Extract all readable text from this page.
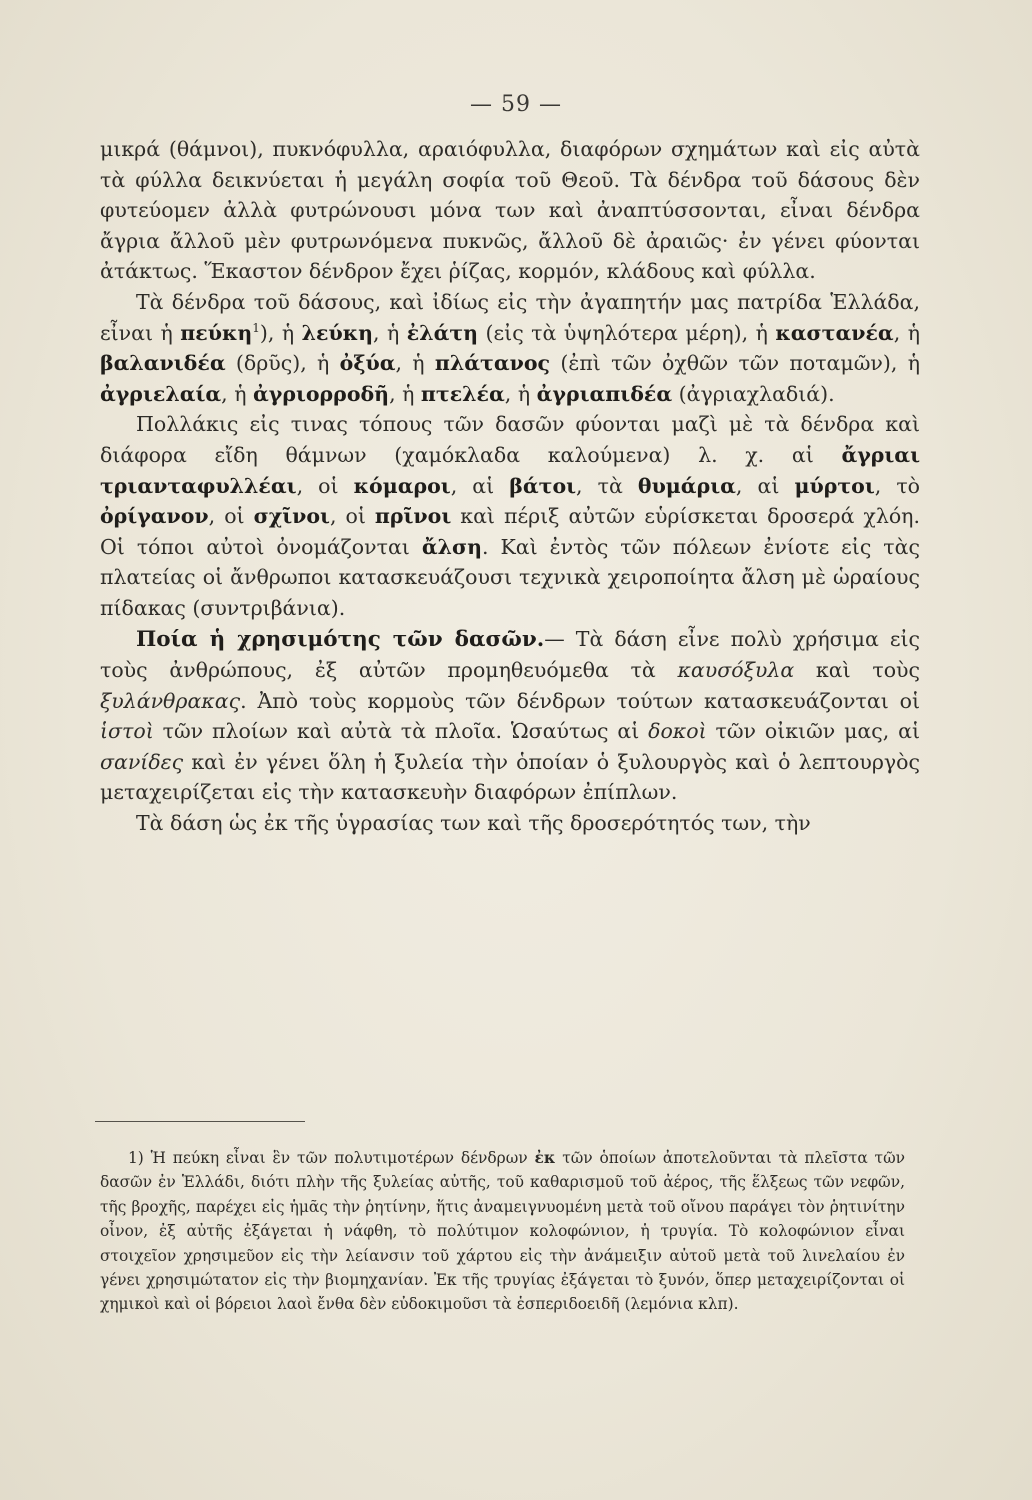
— 59 —

μικρά (θάμνοι), πυκνόφυλλα, αραιόφυλλα, διαφόρων σχημάτων καὶ εἰς αὐτὰ τὰ φύλλα δεικνύεται ἡ μεγάλη σοφία τοῦ Θεοῦ. Τὰ δένδρα τοῦ δάσους δὲν φυτεύομεν ἀλλὰ φυτρώνουσι μόνα των καὶ ἀναπτύσσονται, εἶναι δένδρα ἄγρια ἄλλοῦ μὲν φυτρωνόμενα πυκνῶς, ἄλλοῦ δὲ ἀραιῶς· ἐν γένει φύονται ἀτάκτως. Ἕκαστον δένδρον ἔχει ῥίζας, κορμόν, κλάδους καὶ φύλλα.

Τὰ δένδρα τοῦ δάσους, καὶ ἰδίως εἰς τὴν ἀγαπητήν μας πατρίδα Ἑλλάδα, εἶναι ἡ πεύκη$^1$), ἡ λεύκη, ἡ ἐλάτη (εἰς τὰ ὑψηλότερα μέρη), ἡ καστανέα, ἡ βαλανιδέα (δρῦς), ἡ ὀξύα, ἡ πλάτανος (ἐπὶ τῶν ὀχθῶν τῶν ποταμῶν), ἡ ἀγριελαία, ἡ ἀγριορροδῆ, ἡ πτελέα, ἡ ἀγριαπιδέα (ἀγριαχλαδιά).

Πολλάκις εἰς τινας τόπους τῶν δασῶν φύονται μαζὶ μὲ τὰ δένδρα καὶ διάφορα εἴδη θάμνων (χαμόκλαδα καλούμενα) λ. χ. αἱ ἄγριαι τριανταφυλλέαι, οἱ κόμαροι, αἱ βάτοι, τὰ θυμάρια, αἱ μύρτοι, τὸ ὀρίγανον, οἱ σχῖνοι, οἱ πρῖνοι καὶ πέριξ αὐτῶν εὑρίσκεται δροσερά χλόη. Οἱ τόποι αὐτοὶ ὀνομάζονται ἄλση. Καὶ ἐντὸς τῶν πόλεων ἐνίοτε εἰς τὰς πλατείας οἱ ἄνθρωποι κατασκευάζουσι τεχνικὰ χειροποίητα ἄλση μὲ ὡραίους πίδακας (συντριβάνια).

Ποία ἡ χρησιμότης τῶν δασῶν.— Τὰ δάση εἶνε πολὺ χρήσιμα εἰς τοὺς ἀνθρώπους, ἐξ αὐτῶν προμηθευόμεθα τὰ καυσόξυλα καὶ τοὺς ξυλάνθρακας. Ἀπὸ τοὺς κορμοὺς τῶν δένδρων τούτων κατασκευάζονται οἱ ἱστοὶ τῶν πλοίων καὶ αὐτὰ τὰ πλοῖα. Ὡσαύτως αἱ δοκοὶ τῶν οἰκιῶν μας, αἱ σανίδες καὶ ἐν γένει ὅλη ἡ ξυλεία τὴν ὁποίαν ὁ ξυλουργὸς καὶ ὁ λεπτουργὸς μεταχειρίζεται εἰς τὴν κατασκευὴν διαφόρων ἐπίπλων.

Τὰ δάση ὡς ἐκ τῆς ὑγρασίας των καὶ τῆς δροσερότητός των, τὴν

1) Ἡ πεύκη εἶναι ἓν τῶν πολυτιμοτέρων δένδρων ἐκ τῶν ὁποίων ἀποτελοῦνται τὰ πλεῖστα τῶν δασῶν ἐν Ἑλλάδι, διότι πλὴν τῆς ξυλείας αὐτῆς, τοῦ καθαρισμοῦ τοῦ ἀέρος, τῆς ἕλξεως τῶν νεφῶν, τῆς βροχῆς, παρέχει εἰς ἡμᾶς τὴν ῥητίνην, ἥτις ἀναμειγνυομένη μετὰ τοῦ οἴνου παράγει τὸν ῥητινίτην οἶνον, ἐξ αὐτῆς ἐξάγεται ἡ νάφθη, τὸ πολύτιμον κολοφώνιον, ἡ τρυγία. Τὸ κολοφώνιον εἶναι στοιχεῖον χρησιμεῦον εἰς τὴν λείανσιν τοῦ χάρτου εἰς τὴν ἀνάμειξιν αὐτοῦ μετὰ τοῦ λινελαίου ἐν γένει χρησιμώτατον εἰς τὴν βιομηχανίαν. Ἐκ τῆς τρυγίας ἐξάγεται τὸ ξυνόν, ὅπερ μεταχειρίζονται οἱ χημικοὶ καὶ οἱ βόρειοι λαοὶ ἔνθα δὲν εὐδοκιμοῦσι τὰ ἑσπεριδοειδῆ (λεμόνια κλπ).
